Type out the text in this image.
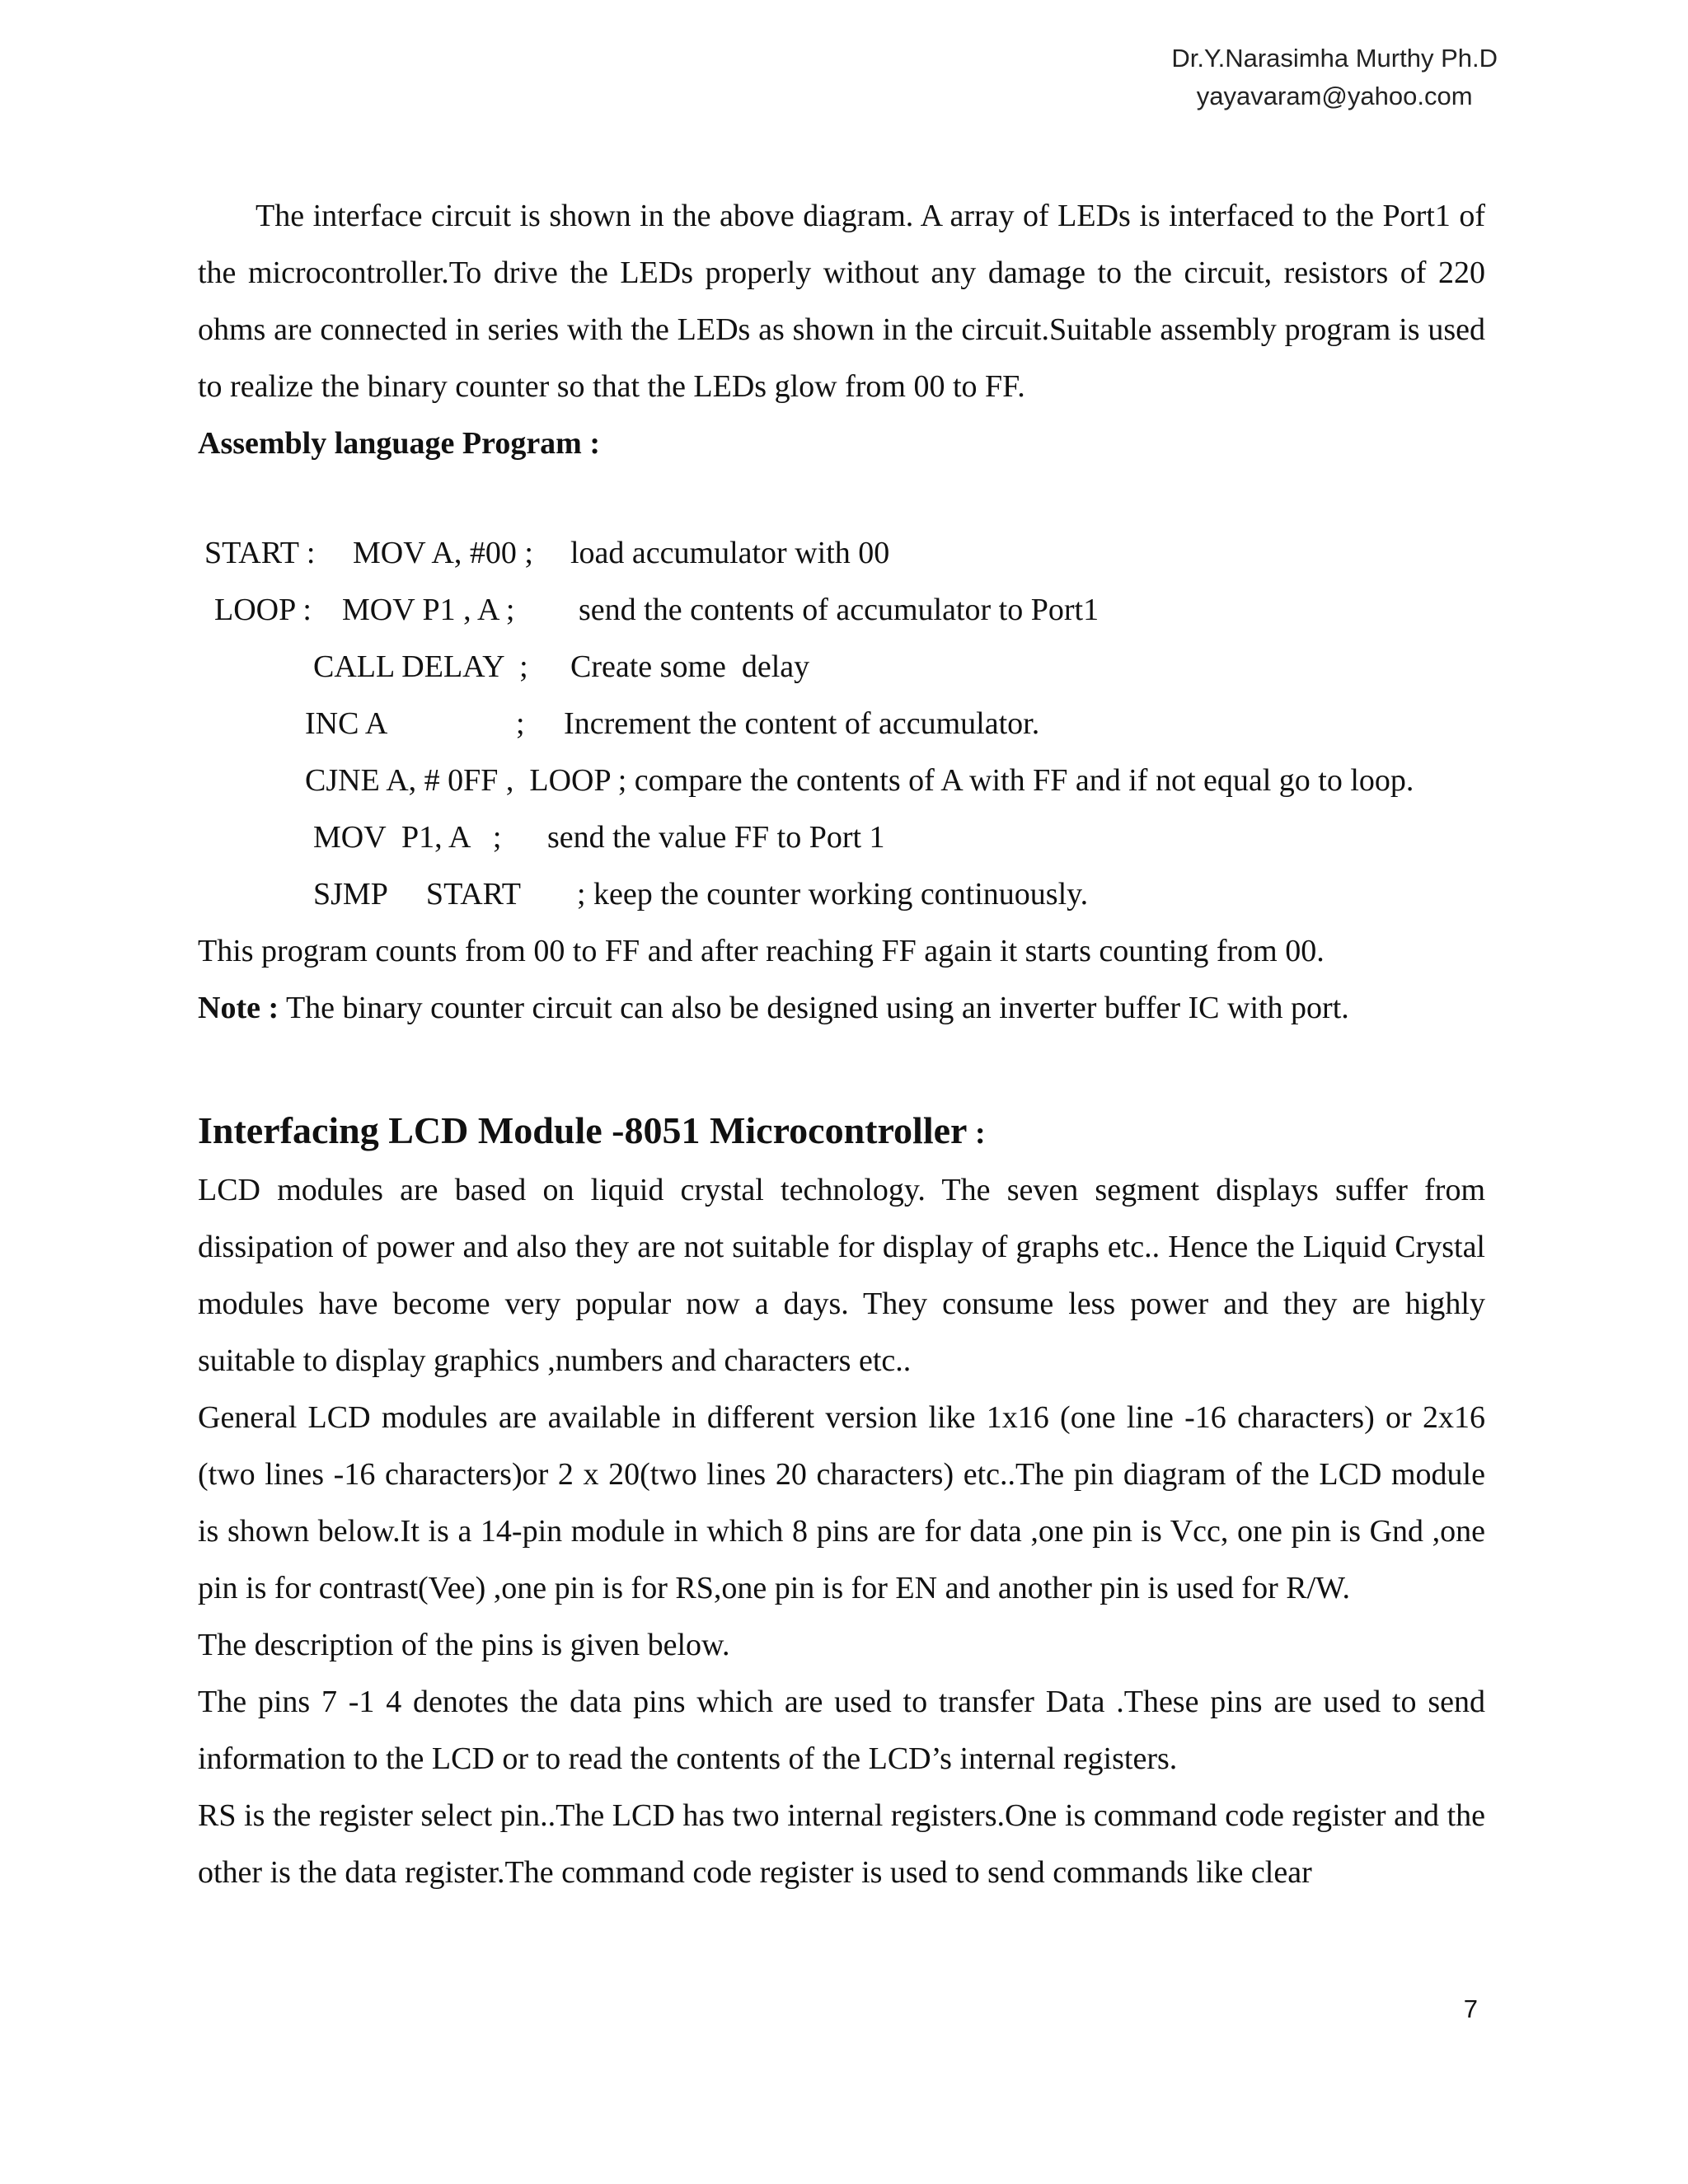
Dr.Y.Narasimha Murthy Ph.D
yayavaram@yahoo.com

The interface circuit is shown in the above diagram. A array of LEDs is interfaced to the Port1 of the microcontroller.To drive the LEDs properly without any damage to the circuit, resistors of 220 ohms are connected in series with the LEDs as shown in the circuit.Suitable assembly program is used to realize the binary counter so that the LEDs glow from 00 to FF.

Assembly language Program :

START :

MOV A, #00 ;

load accumulator with 00

LOOP :

MOV P1 , A ;

send the contents of accumulator to Port1

CALL DELAY  ;

Create some  delay

INC A

	;     Increment the content of accumulator.

CJNE A, # 0FF ,  LOOP ; compare the contents of A with FF and if not equal go to loop.

MOV  P1, A   ;

send the value FF to Port 1

SJMP     START

; keep the counter working continuously.

This program counts from 00 to FF and after reaching FF again it starts counting from 00.

Note : The binary counter circuit can also be designed using an inverter buffer IC with port.

Interfacing LCD Module -8051 Microcontroller :

LCD modules are based on liquid crystal technology. The seven segment displays suffer from dissipation of power and also they are not suitable for display of graphs etc.. Hence the Liquid Crystal modules have become very popular now a days. They consume less power and they are highly suitable to display graphics ,numbers and characters etc..

General LCD modules are available in different version like 1x16 (one line -16 characters) or 2x16 (two lines -16 characters)or 2 x 20(two lines 20 characters) etc..The pin diagram of the LCD module is shown below.It is a 14-pin module in which 8 pins are for data ,one pin is Vcc, one pin is Gnd ,one pin is for contrast(Vee) ,one pin is for RS,one pin is for EN and another pin is used for R/W.

The description of the pins is given below.

The pins 7 -1 4 denotes the data pins which are used to transfer Data .These pins are used to send information to the LCD or to read the contents of the LCD’s internal registers.

RS is the register select pin..The LCD has two internal registers.One is command code register and the other is the data register.The command code register is used to send commands like clear

7
